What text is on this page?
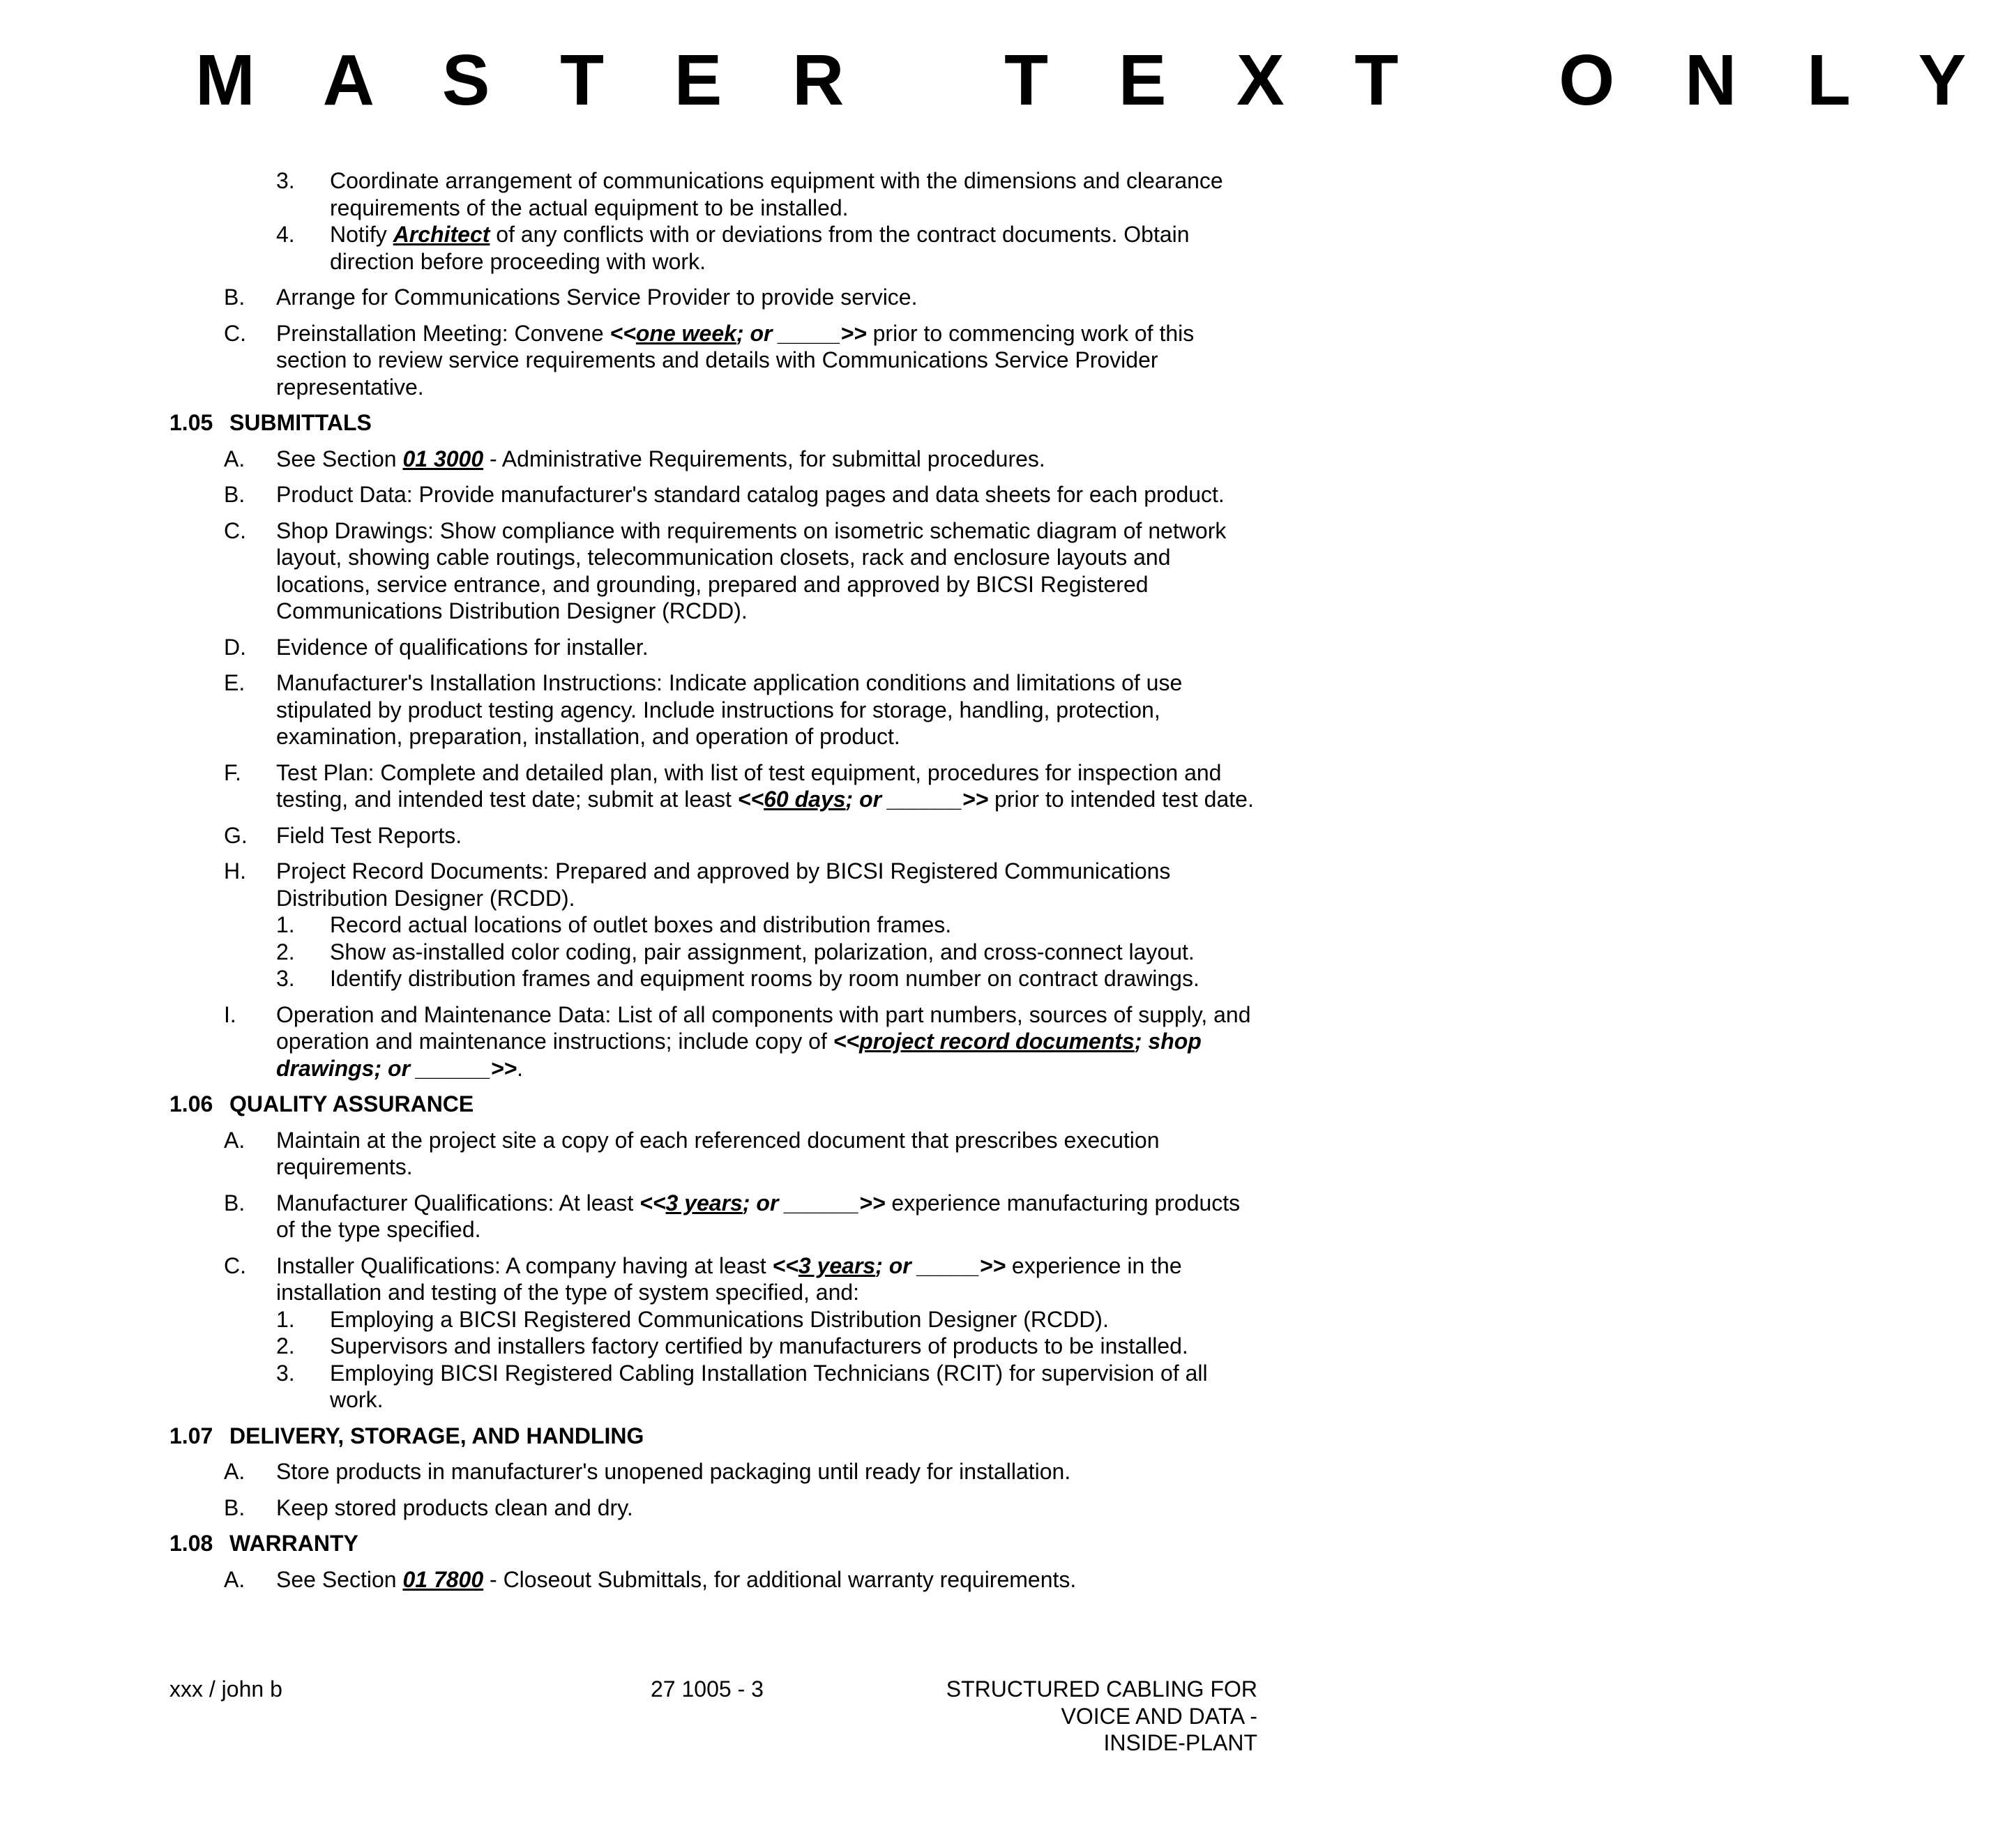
M A S T E R   T E X T   O N L Y
3. Coordinate arrangement of communications equipment with the dimensions and clearance requirements of the actual equipment to be installed.
4. Notify Architect of any conflicts with or deviations from the contract documents. Obtain direction before proceeding with work.
B. Arrange for Communications Service Provider to provide service.
C. Preinstallation Meeting: Convene <<one week; or _____>> prior to commencing work of this section to review service requirements and details with Communications Service Provider representative.
1.05 SUBMITTALS
A. See Section 01 3000 - Administrative Requirements, for submittal procedures.
B. Product Data: Provide manufacturer's standard catalog pages and data sheets for each product.
C. Shop Drawings: Show compliance with requirements on isometric schematic diagram of network layout, showing cable routings, telecommunication closets, rack and enclosure layouts and locations, service entrance, and grounding, prepared and approved by BICSI Registered Communications Distribution Designer (RCDD).
D. Evidence of qualifications for installer.
E. Manufacturer's Installation Instructions: Indicate application conditions and limitations of use stipulated by product testing agency. Include instructions for storage, handling, protection, examination, preparation, installation, and operation of product.
F. Test Plan: Complete and detailed plan, with list of test equipment, procedures for inspection and testing, and intended test date; submit at least <<60 days; or ______>> prior to intended test date.
G. Field Test Reports.
H. Project Record Documents: Prepared and approved by BICSI Registered Communications Distribution Designer (RCDD).
1. Record actual locations of outlet boxes and distribution frames.
2. Show as-installed color coding, pair assignment, polarization, and cross-connect layout.
3. Identify distribution frames and equipment rooms by room number on contract drawings.
I. Operation and Maintenance Data: List of all components with part numbers, sources of supply, and operation and maintenance instructions; include copy of <<project record documents; shop drawings; or ______>>.
1.06 QUALITY ASSURANCE
A. Maintain at the project site a copy of each referenced document that prescribes execution requirements.
B. Manufacturer Qualifications: At least <<3 years; or ______>> experience manufacturing products of the type specified.
C. Installer Qualifications: A company having at least <<3 years; or _____>> experience in the installation and testing of the type of system specified, and:
1. Employing a BICSI Registered Communications Distribution Designer (RCDD).
2. Supervisors and installers factory certified by manufacturers of products to be installed.
3. Employing BICSI Registered Cabling Installation Technicians (RCIT) for supervision of all work.
1.07 DELIVERY, STORAGE, AND HANDLING
A. Store products in manufacturer's unopened packaging until ready for installation.
B. Keep stored products clean and dry.
1.08 WARRANTY
A. See Section 01 7800 - Closeout Submittals, for additional warranty requirements.
xxx / john b	27 1005 - 3	STRUCTURED CABLING FOR
VOICE AND DATA -
INSIDE-PLANT
